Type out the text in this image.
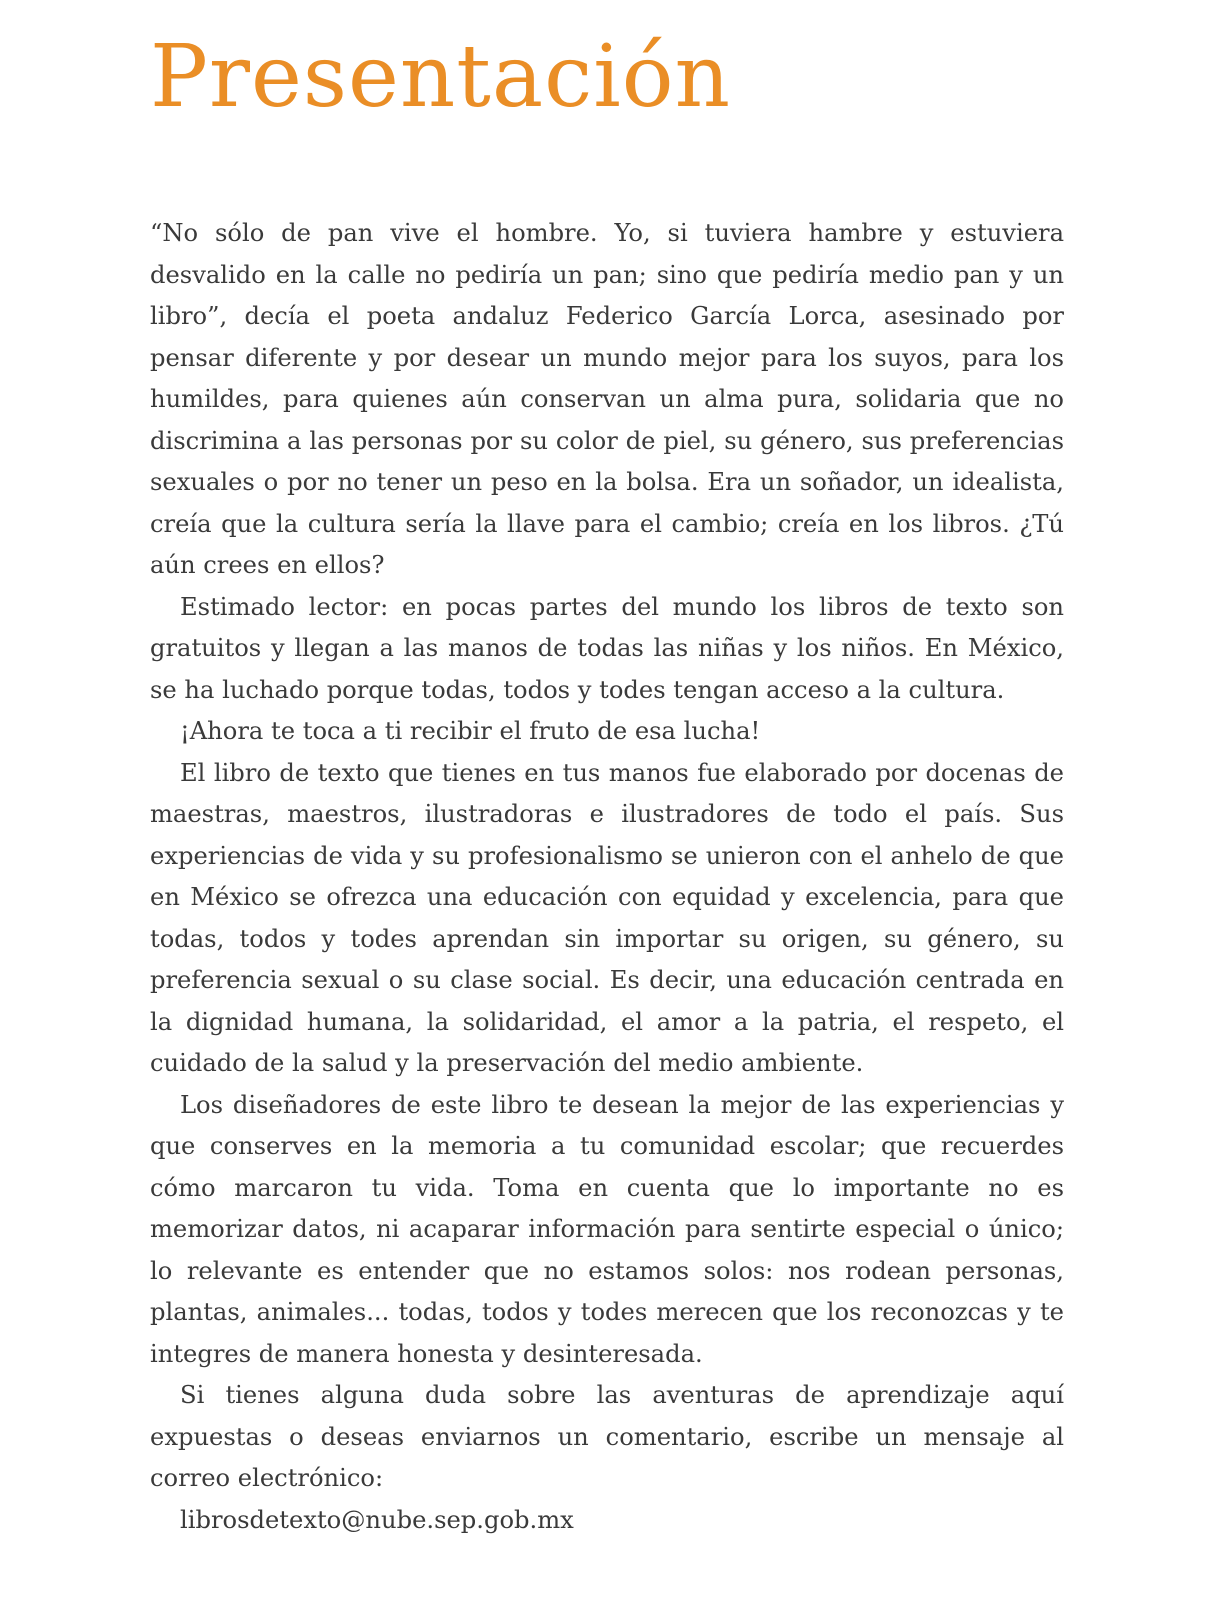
Presentación

“No sólo de pan vive el hombre. Yo, si tuviera hambre y estuviera desvalido en la calle no pediría un pan; sino que pediría medio pan y un libro”, decía el poeta andaluz Federico García Lorca, asesinado por pensar diferente y por desear un mundo mejor para los suyos, para los humildes, para quienes aún conservan un alma pura, solidaria que no discrimina a las personas por su color de piel, su género, sus preferencias sexuales o por no tener un peso en la bolsa. Era un soñador, un idealista, creía que la cultura sería la llave para el cambio; creía en los libros. ¿Tú aún crees en ellos?

Estimado lector: en pocas partes del mundo los libros de texto son gratuitos y llegan a las manos de todas las niñas y los niños. En México, se ha luchado porque todas, todos y todes tengan acceso a la cultura.

¡Ahora te toca a ti recibir el fruto de esa lucha!

El libro de texto que tienes en tus manos fue elaborado por docenas de maestras, maestros, ilustradoras e ilustradores de todo el país. Sus experiencias de vida y su profesionalismo se unieron con el anhelo de que en México se ofrezca una educación con equidad y excelencia, para que todas, todos y todes aprendan sin importar su origen, su género, su preferencia sexual o su clase social. Es decir, una educación centrada en la dignidad humana, la solidaridad, el amor a la patria, el respeto, el cuidado de la salud y la preservación del medio ambiente.

Los diseñadores de este libro te desean la mejor de las experiencias y que conserves en la memoria a tu comunidad escolar; que recuerdes cómo marcaron tu vida. Toma en cuenta que lo importante no es memorizar datos, ni acaparar información para sentirte especial o único; lo relevante es entender que no estamos solos: nos rodean personas, plantas, animales... todas, todos y todes merecen que los reconozcas y te integres de manera honesta y desinteresada.

Si tienes alguna duda sobre las aventuras de aprendizaje aquí expuestas o deseas enviarnos un comentario, escribe un mensaje al correo electrónico:

librosdetexto@nube.sep.gob.mx
